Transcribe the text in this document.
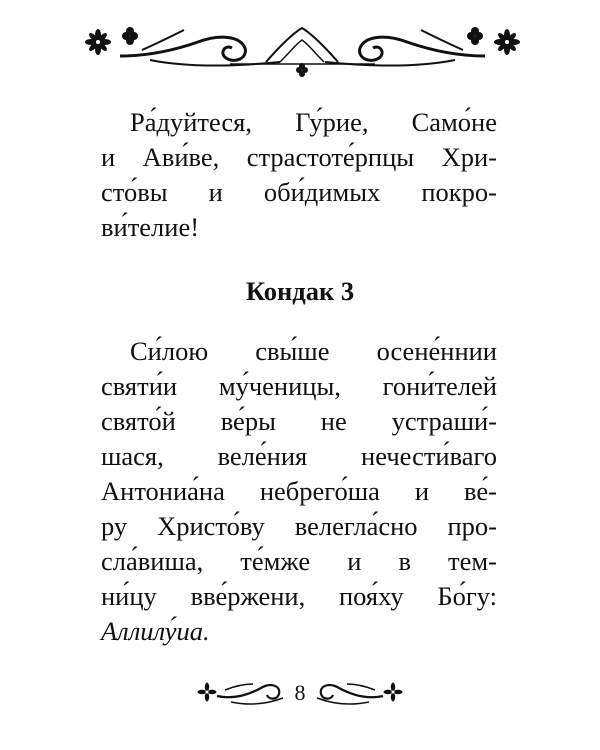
Ра́дуйтеся, Гу́рие, Само́не
и Ави́ве, страстоте́рпцы Хри-
сто́вы и оби́димых покро-
ви́телие!
Кондак 3
Си́лою свы́ше осене́ннии
святи́и му́ченицы, гони́телей
свято́й ве́ры не устраши́-
шася, веле́ния нечести́ваго
Антониа́на небрего́ша и ве́-
ру Христо́ву велегла́сно про-
сла́виша, те́мже и в тем-
ни́цу вве́ржени, поя́ху Бо́гу:
Аллилу́иа.
8
